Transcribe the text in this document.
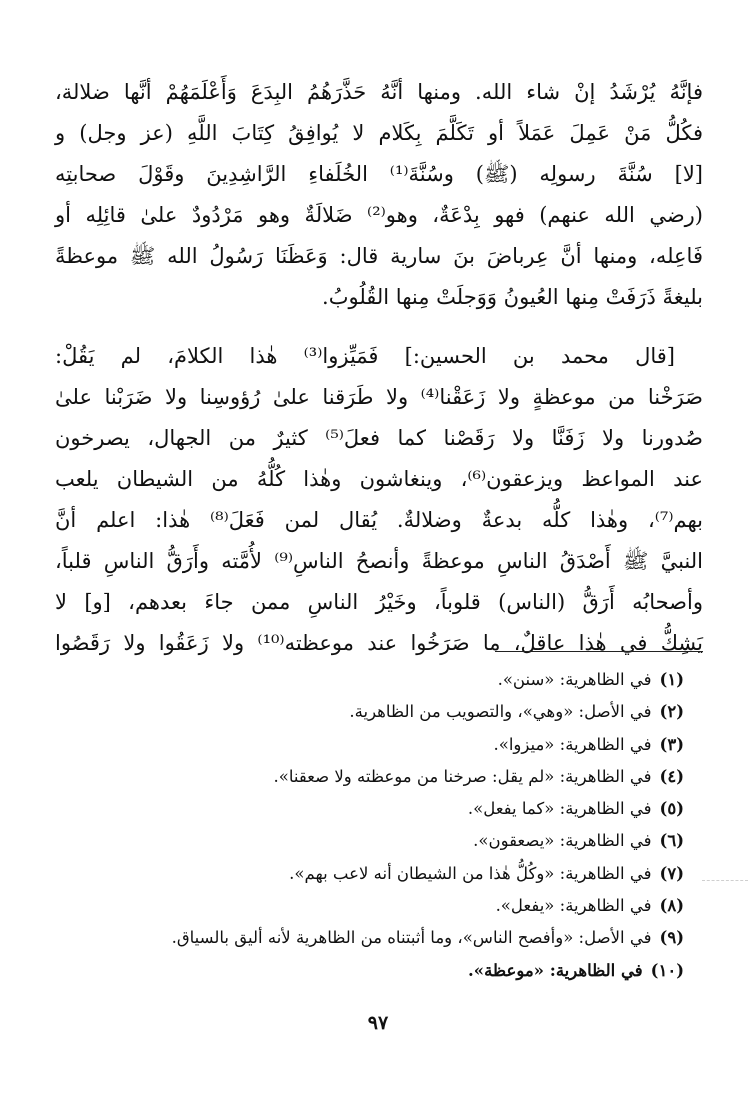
فإنَّهُ يُرْشَدُ إنْ شاء الله. ومنها أنَّهُ حَذَّرَهُمُ البِدَعَ وَأَعْلَمَهُمْ أنَّها ضلالة،
فكُلُّ مَنْ عَمِلَ عَمَلاً أو تَكَلَّمَ بِكَلام لا يُوافِقُ كِتَابَ اللَّهِ (عز وجل) و
[لا] سُنَّةَ رسولِه (ﷺ) وسُنَّةَ⁽¹⁾ الخُلَفاءِ الرَّاشِدِينَ وقَوْلَ صحابتِه
(رضي الله عنهم) فهو بِدْعَةٌ، وهو⁽²⁾ ضَلالَةٌ وهو مَرْدُودٌ علىٰ قائِلِه أو
فَاعِله، ومنها أنَّ عِرباضَ بنَ سارية قال: وَعَظَنَا رَسُولُ الله ﷺ موعظةً
بليغةً ذَرَفَتْ مِنها العُيونُ وَوَجلَتْ مِنها القُلُوبُ.
[قال محمد بن الحسين:] فَمَيِّزوا⁽³⁾ هٰذا الكلامَ، لم يَقُلْ:
صَرَخْنا من موعظةٍ ولا زَعَقْنا⁽⁴⁾ ولا طَرَقنا علىٰ رُؤوسِنا ولا ضَرَبْنا علىٰ
صُدورنا ولا زَفَنَّا ولا رَقَصْنا كما فعلَ⁽⁵⁾ كثيرٌ من الجهال، يصرخون
عند المواعظ ويزعقون⁽⁶⁾، وينغاشون وهٰذا كُلُّهُ من الشيطان يلعب
بهم⁽⁷⁾، وهٰذا كلُّه بدعةٌ وضلالةٌ. يُقال لمن فَعَلَ⁽⁸⁾ هٰذا: اعلم أنَّ
النبيَّ ﷺ أَصْدَقُ الناسِ موعظةً وأنصحُ الناسِ⁽⁹⁾ لأُمَّته وأَرَقُّ الناسِ قلباً،
وأصحابُه أَرَقُّ (الناس) قلوباً، وخَيْرُ الناسِ ممن جاءَ بعدهم، [و] لا
يَشِكُّ في هٰذا عاقلٌ، ما صَرَخُوا عند موعظته⁽¹⁰⁾ ولا زَعَقُوا ولا رَقَصُوا
(١)في الظاهرية: «سنن».
(٢)في الأصل: «وهي»، والتصويب من الظاهرية.
(٣)في الظاهرية: «ميزوا».
(٤)في الظاهرية: «لم يقل: صرخنا من موعظته ولا صعقنا».
(٥)في الظاهرية: «كما يفعل».
(٦)في الظاهرية: «يصعقون».
(٧)في الظاهرية: «وكُلُّ هٰذا من الشيطان أنه لاعب بهم».
(٨)في الظاهرية: «يفعل».
(٩)في الأصل: «وأفصح الناس»، وما أثبتناه من الظاهرية لأنه أليق بالسياق.
(١٠)في الظاهرية: «موعظة».
٩٧
